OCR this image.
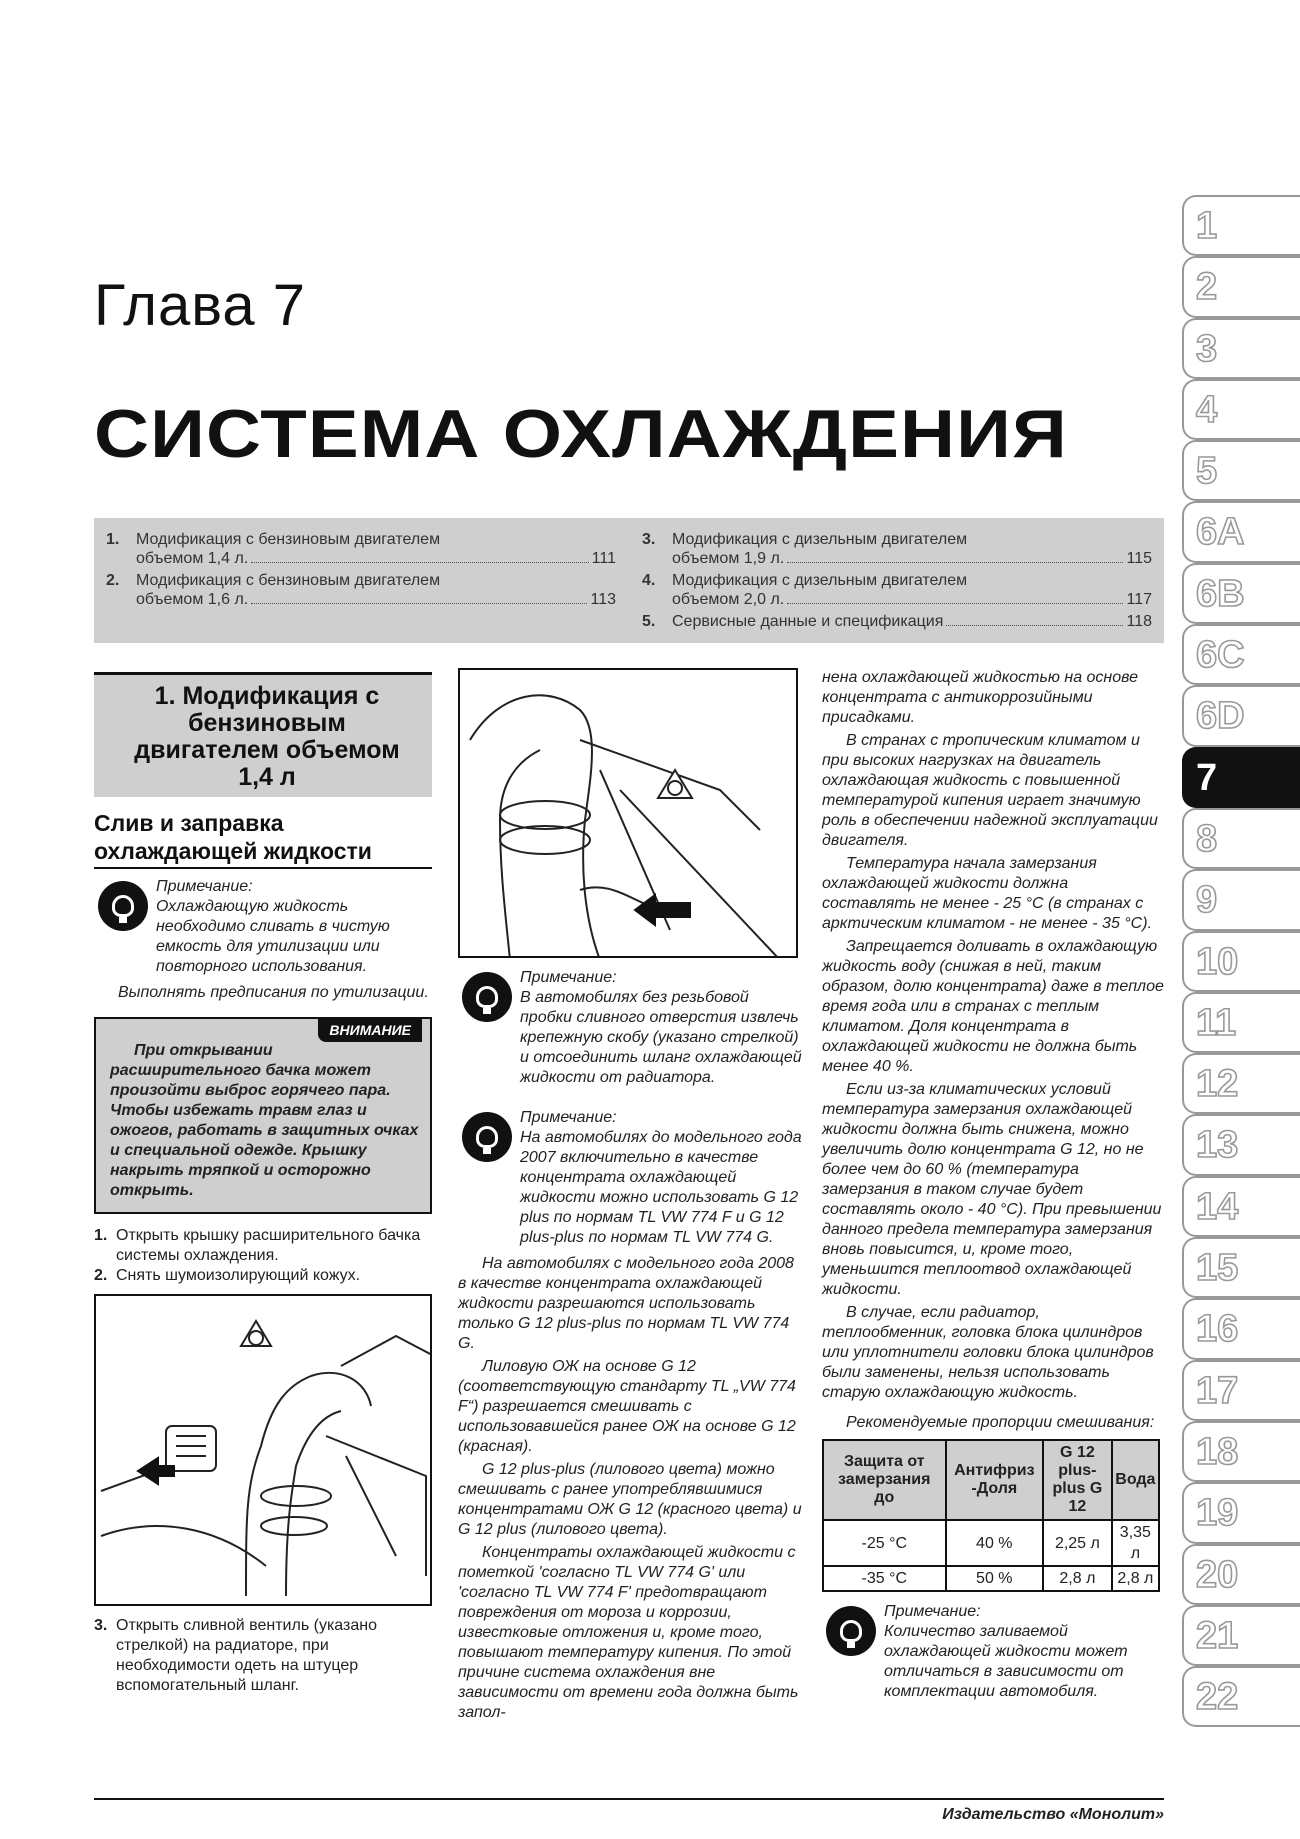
Глава 7
СИСТЕМА ОХЛАЖДЕНИЯ
1
2
3
4
5
6A
6B
6C
6D
7
8
9
10
11
12
13
14
15
16
17
18
19
20
21
22
1.	Модификация с бензиновым двигателем
объемом 1,4 л.	111
2.	Модификация с бензиновым двигателем
объемом 1,6 л.	113
3.	Модификация с дизельным двигателем
объемом 1,9 л.	115
4.	Модификация с дизельным двигателем
объемом 2,0 л.	117
5.	Сервисные данные и спецификация	118
1. Модификация с бензиновым двигателем объемом 1,4 л
Слив и заправка охлаждающей жидкости
Примечание:
Охлаждающую жидкость необходимо сливать в чистую емкость для утилизации или повторного использования.
Выполнять предписания по утилизации.
ВНИМАНИЕ
При открывании расширительного бачка может произойти выброс горячего пара. Чтобы избежать травм глаз и ожогов, работать в защитных очках и специальной одежде. Крышку накрыть тряпкой и осторожно открыть.
1. Открыть крышку расширительного бачка системы охлаждения.
2. Снять шумоизолирующий кожух.
3. Открыть сливной вентиль (указано стрелкой) на радиаторе, при необходимости одеть на штуцер вспомогательный шланг.
Примечание:
В автомобилях без резьбовой пробки сливного отверстия извлечь крепежную скобу (указано стрелкой) и отсоединить шланг охлаждающей жидкости от радиатора.
Примечание:
На автомобилях до модельного года 2007 включительно в качестве концентрата охлаждающей жидкости можно использовать G 12 plus по нормам TL VW 774 F и G 12 plus-plus по нормам TL VW 774 G.
На автомобилях с модельного года 2008 в качестве концентрата охлаждающей жидкости разрешаются использовать только G 12 plus-plus по нормам TL VW 774 G.
Лиловую ОЖ на основе G 12 (соответствующую стандарту TL „VW 774 F“) разрешается смешивать с использовавшейся ранее ОЖ на основе G 12 (красная).
G 12 plus-plus (лилового цвета) можно смешивать с ранее употреблявшимися концентратами ОЖ G 12 (красного цвета) и G 12 plus (лилового цвета).
Концентраты охлаждающей жидкости с пометкой 'согласно TL VW 774 G' или 'согласно TL VW 774 F' предотвращают повреждения от мороза и коррозии, известковые отложения и, кроме того, повышают температуру кипения. По этой причине система охлаждения вне зависимости от времени года должна быть запол-
нена охлаждающей жидкостью на основе концентрата с антикоррозийными присадками.
В странах с тропическим климатом и при высоких нагрузках на двигатель охлаждающая жидкость с повышенной температурой кипения играет значимую роль в обеспечении надежной эксплуатации двигателя.
Температура начала замерзания охлаждающей жидкости должна составлять не менее - 25 °С (в странах с арктическим климатом - не менее - 35 °С).
Запрещается доливать в охлаждающую жидкость воду (снижая в ней, таким образом, долю концентрата) даже в теплое время года или в странах с теплым климатом. Доля концентрата в охлаждающей жидкости не должна быть менее 40 %.
Если из-за климатических условий температура замерзания охлаждающей жидкости должна быть снижена, можно увеличить долю концентрата G 12, но не более чем до 60 % (температура замерзания в таком случае будет составлять около - 40 °С). При превышении данного предела температура замерзания вновь повысится, и, кроме того, уменьшится теплоотвод охлаждающей жидкости.
В случае, если радиатор, теплообменник, головка блока цилиндров или уплотнители головки блока цилиндров были заменены, нельзя использовать старую охлаждающую жидкость.
Рекомендуемые пропорции смешивания:
Защита от замерзания до	Антифриз -Доля	G 12 plus-plus G 12	Вода
-25 °С	40 %	2,25 л	3,35 л
-35 °С	50 %	2,8 л	2,8 л
Примечание:
Количество заливаемой охлаждающей жидкости может отличаться в зависимости от комплектации автомобиля.
Издательство «Монолит»
